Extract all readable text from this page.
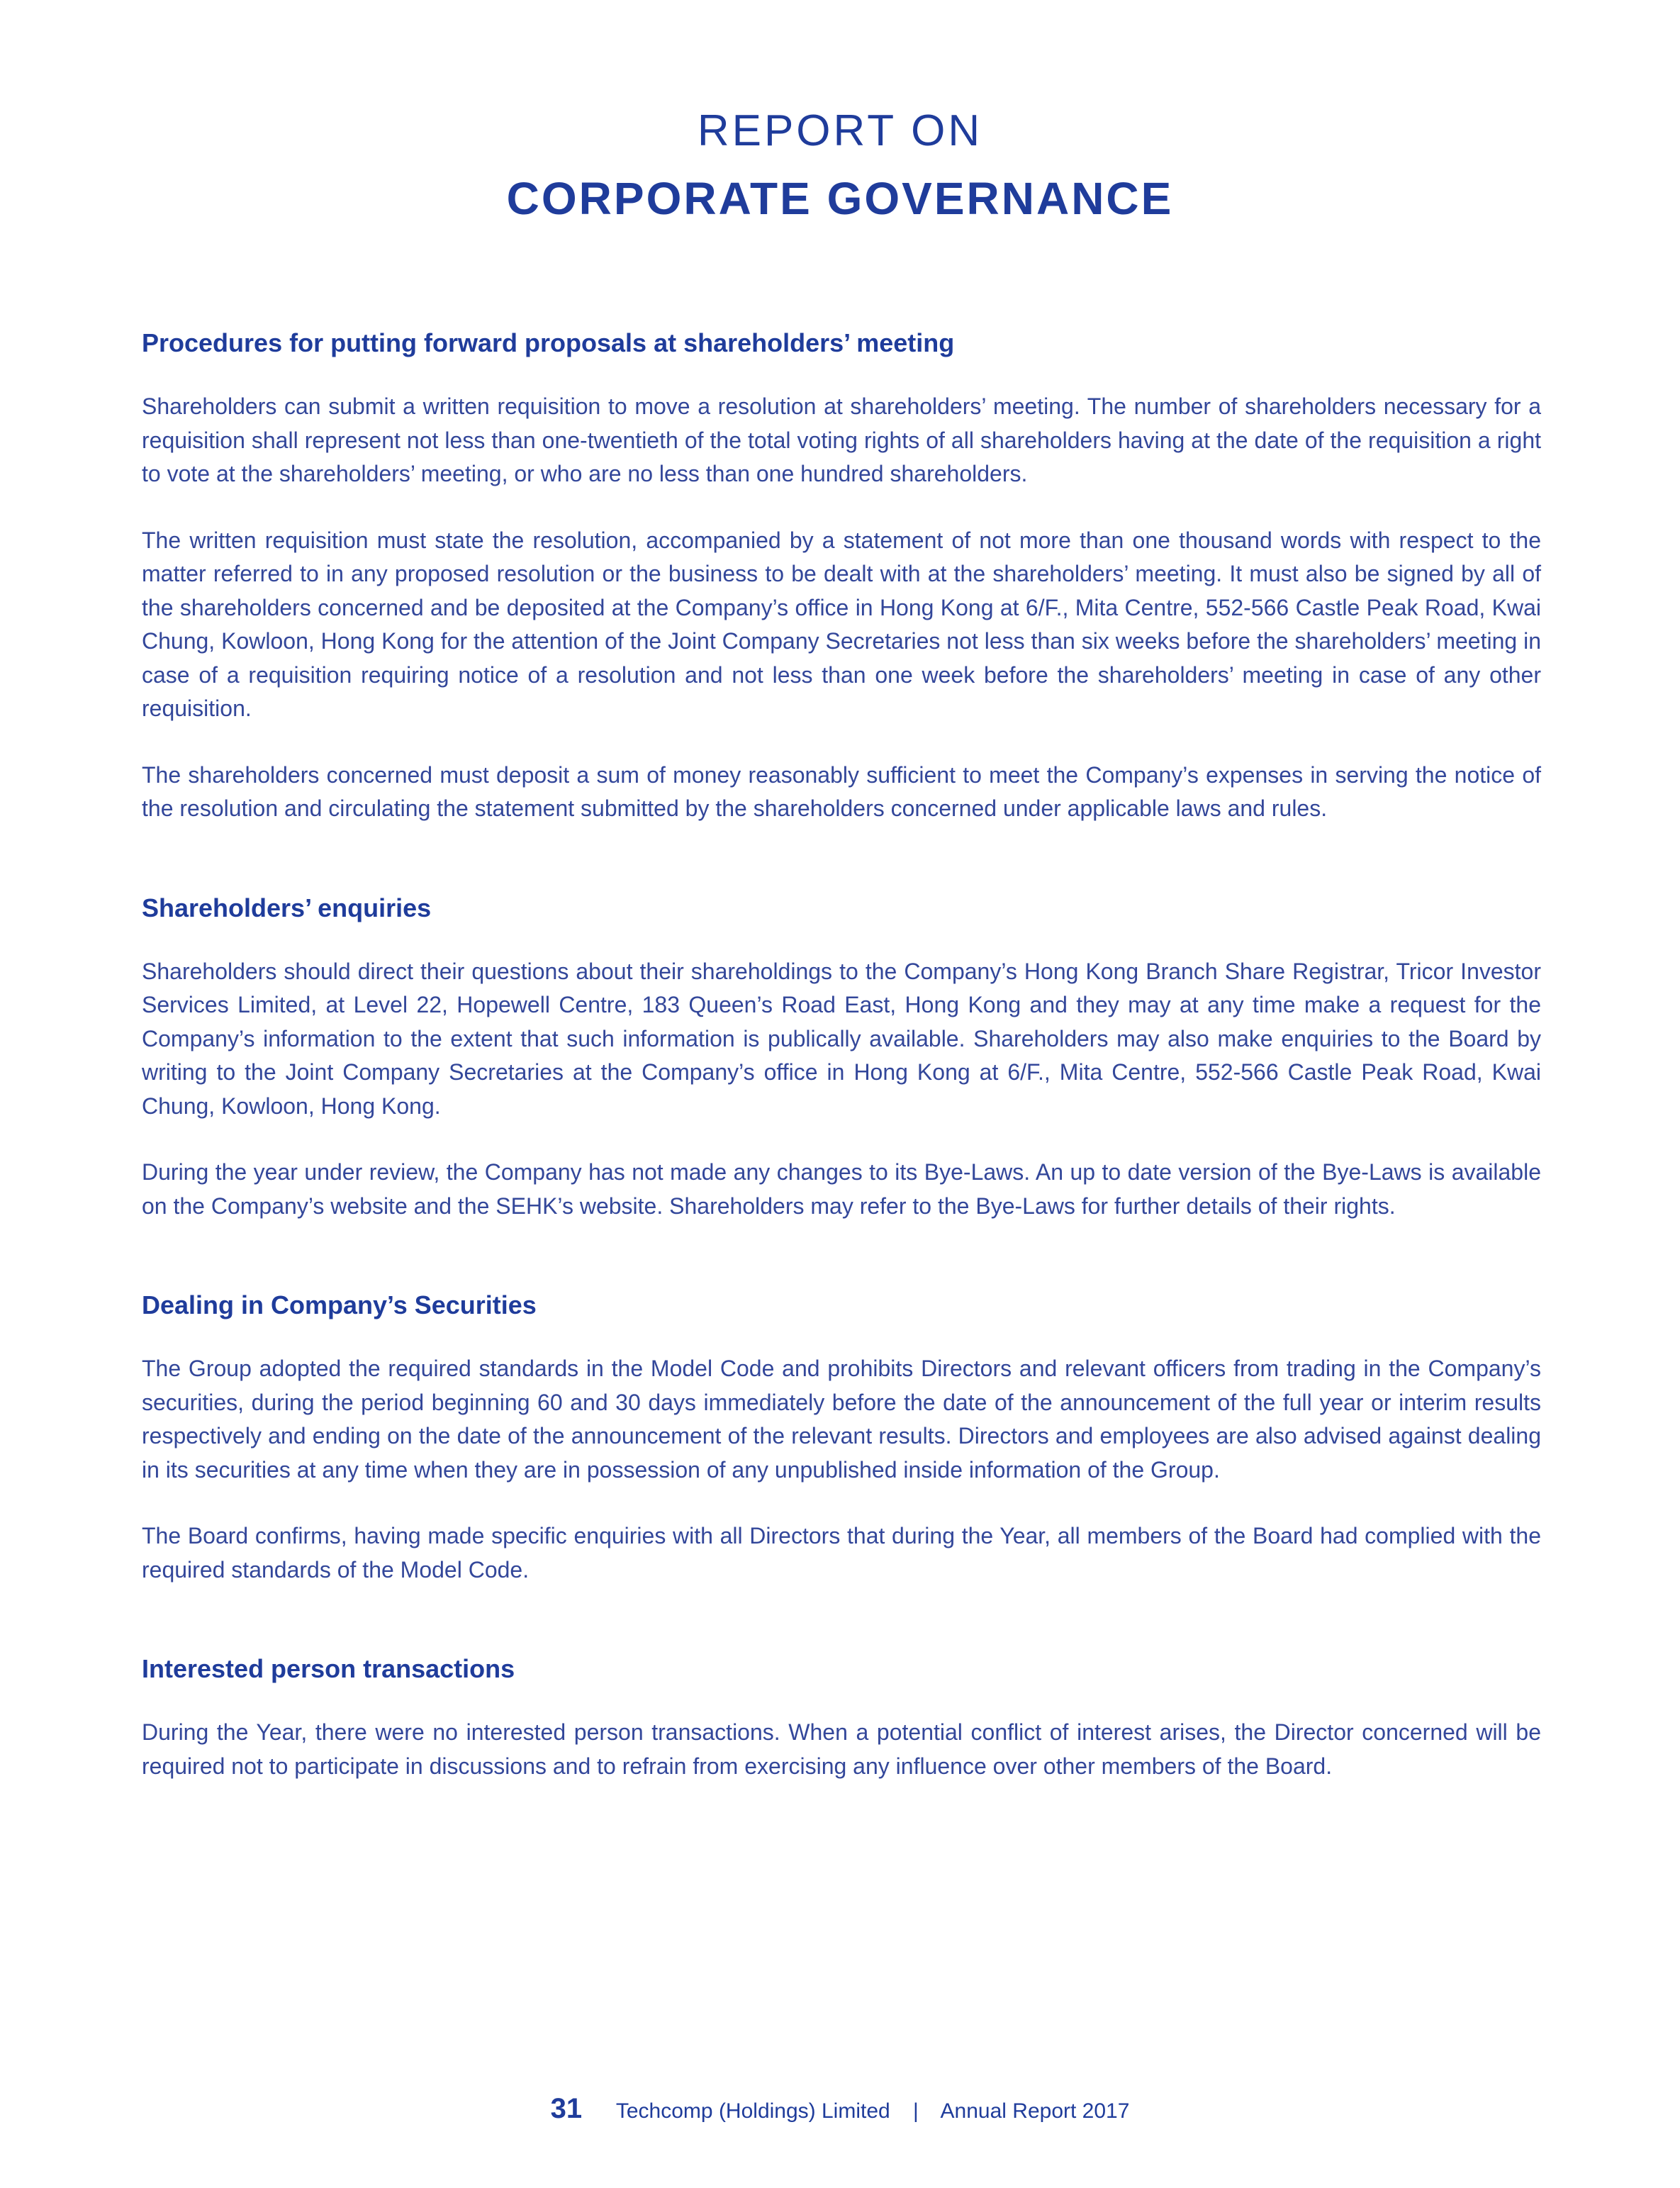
REPORT ON
CORPORATE GOVERNANCE
Procedures for putting forward proposals at shareholders’ meeting

Shareholders can submit a written requisition to move a resolution at shareholders’ meeting. The number of shareholders necessary for a requisition shall represent not less than one-twentieth of the total voting rights of all shareholders having at the date of the requisition a right to vote at the shareholders’ meeting, or who are no less than one hundred shareholders.

The written requisition must state the resolution, accompanied by a statement of not more than one thousand words with respect to the matter referred to in any proposed resolution or the business to be dealt with at the shareholders’ meeting. It must also be signed by all of the shareholders concerned and be deposited at the Company’s office in Hong Kong at 6/F., Mita Centre, 552-566 Castle Peak Road, Kwai Chung, Kowloon, Hong Kong for the attention of the Joint Company Secretaries not less than six weeks before the shareholders’ meeting in case of a requisition requiring notice of a resolution and not less than one week before the shareholders’ meeting in case of any other requisition.

The shareholders concerned must deposit a sum of money reasonably sufficient to meet the Company’s expenses in serving the notice of the resolution and circulating the statement submitted by the shareholders concerned under applicable laws and rules.

Shareholders’ enquiries

Shareholders should direct their questions about their shareholdings to the Company’s Hong Kong Branch Share Registrar, Tricor Investor Services Limited, at Level 22, Hopewell Centre, 183 Queen’s Road East, Hong Kong and they may at any time make a request for the Company’s information to the extent that such information is publically available. Shareholders may also make enquiries to the Board by writing to the Joint Company Secretaries at the Company’s office in Hong Kong at 6/F., Mita Centre, 552-566 Castle Peak Road, Kwai Chung, Kowloon, Hong Kong.

During the year under review, the Company has not made any changes to its Bye-Laws. An up to date version of the Bye-Laws is available on the Company’s website and the SEHK’s website. Shareholders may refer to the Bye-Laws for further details of their rights.

Dealing in Company’s Securities

The Group adopted the required standards in the Model Code and prohibits Directors and relevant officers from trading in the Company’s securities, during the period beginning 60 and 30 days immediately before the date of the announcement of the full year or interim results respectively and ending on the date of the announcement of the relevant results. Directors and employees are also advised against dealing in its securities at any time when they are in possession of any unpublished inside information of the Group.

The Board confirms, having made specific enquiries with all Directors that during the Year, all members of the Board had complied with the required standards of the Model Code.

Interested person transactions

During the Year, there were no interested person transactions. When a potential conflict of interest arises, the Director concerned will be required not to participate in discussions and to refrain from exercising any influence over other members of the Board.

31 Techcomp (Holdings) Limited | Annual Report 2017
